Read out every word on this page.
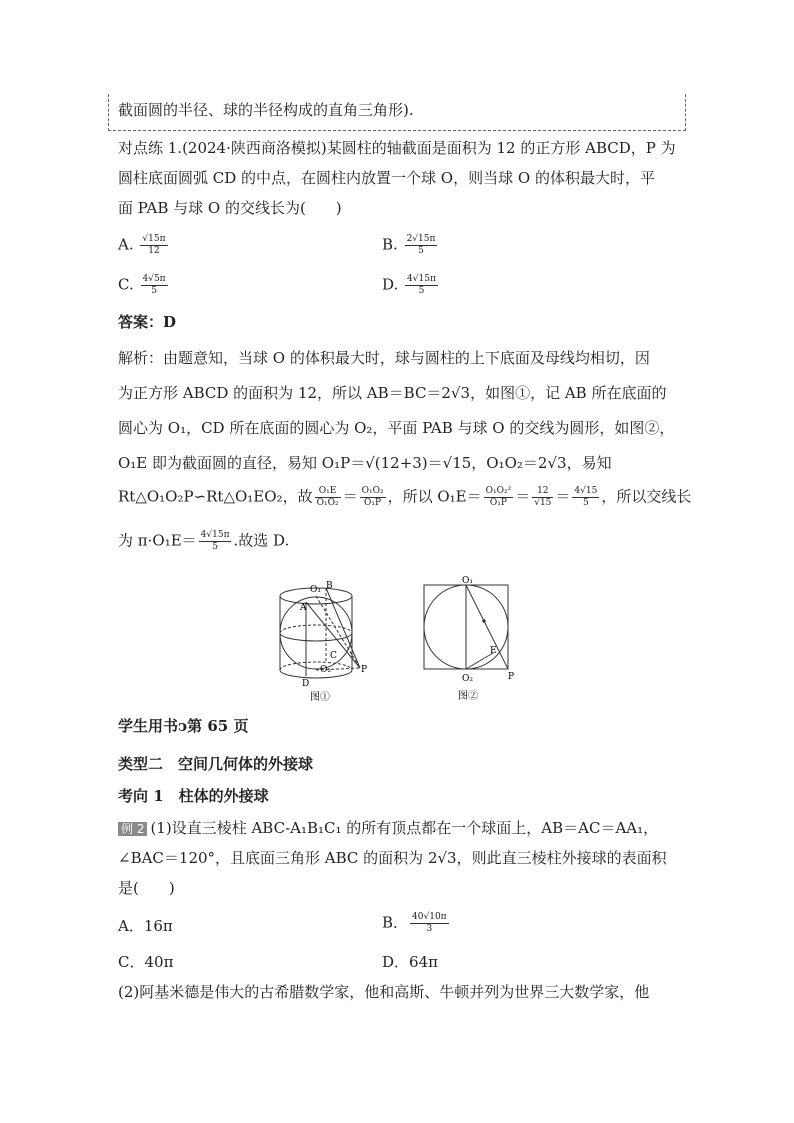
截面圆的半径、球的半径构成的直角三角形).
对点练 1.(2024·陕西商洛模拟)某圆柱的轴截面是面积为 12 的正方形 ABCD，P 为
圆柱底面圆弧 CD 的中点，在圆柱内放置一个球 O，则当球 O 的体积最大时，平
面 PAB 与球 O 的交线长为(　　)
A. $\frac{√15\pi}{12}$	B. $\frac{2√15\pi}{5}$
C. $\frac{4√5\pi}{5}$	D. $\frac{4√15\pi}{5}$
答案：D
解析：由题意知，当球 O 的体积最大时，球与圆柱的上下底面及母线均相切，因
为正方形 ABCD 的面积为 12，所以 AB＝BC＝2√3，如图①，记 AB 所在底面的
圆心为 O₁，CD 所在底面的圆心为 O₂，平面 PAB 与球 O 的交线为圆形，如图②，
O₁E 即为截面圆的直径，易知 O₁P＝√(12+3)＝√15，O₁O₂＝2√3，易知
Rt△O₁O₂P∽Rt△O₁EO₂，故 $\frac{\text{O₁E}}{\text{O₁O₂}} = \frac{\text{O₁O₂}}{\text{O₁P}}$ ，所以 $O_1E= \frac{\text{O₁O₂²}}{\text{O₁P}} = \frac{12}{√15} = \frac{4√15}{5}$ ，所以交线长
为 $\pi\cdot O_1E= \frac{4√15\pi}{5}$ .故选 D.
O₁ B
A
C
O₂
D
P
图①
O₁
E
O₂	P
图②
学生用书ↄ第 65 页
类型二　空间几何体的外接球
考向 1　柱体的外接球
例 2 (1)设直三棱柱 ABC-A₁B₁C₁ 的所有顶点都在一个球面上，AB＝AC＝AA₁，
∠BAC＝120°，且底面三角形 ABC 的面积为 2√3，则此直三棱柱外接球的表面积
是(　　)
A．16π	B． $\frac{40√10\pi}{3}$
C．40π	D．64π
(2)阿基米德是伟大的古希腊数学家，他和高斯、牛顿并列为世界三大数学家，他
